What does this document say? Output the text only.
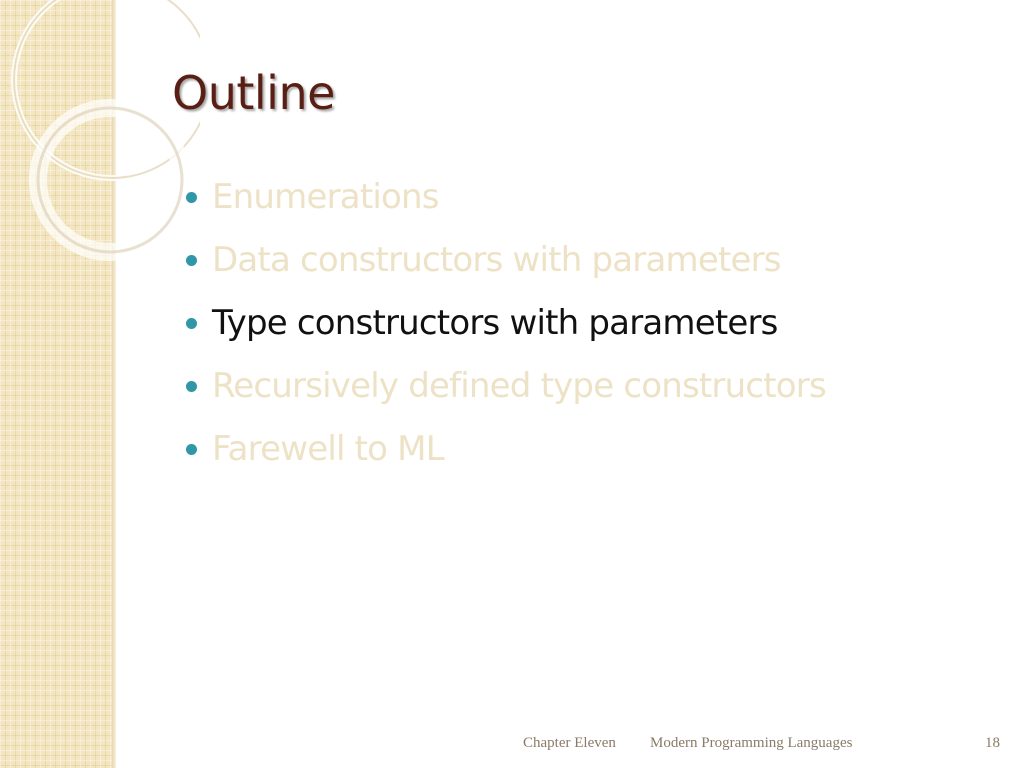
Outline
Enumerations
Data constructors with parameters
Type constructors with parameters
Recursively defined type constructors
Farewell to ML
Chapter Eleven Modern Programming Languages	18
